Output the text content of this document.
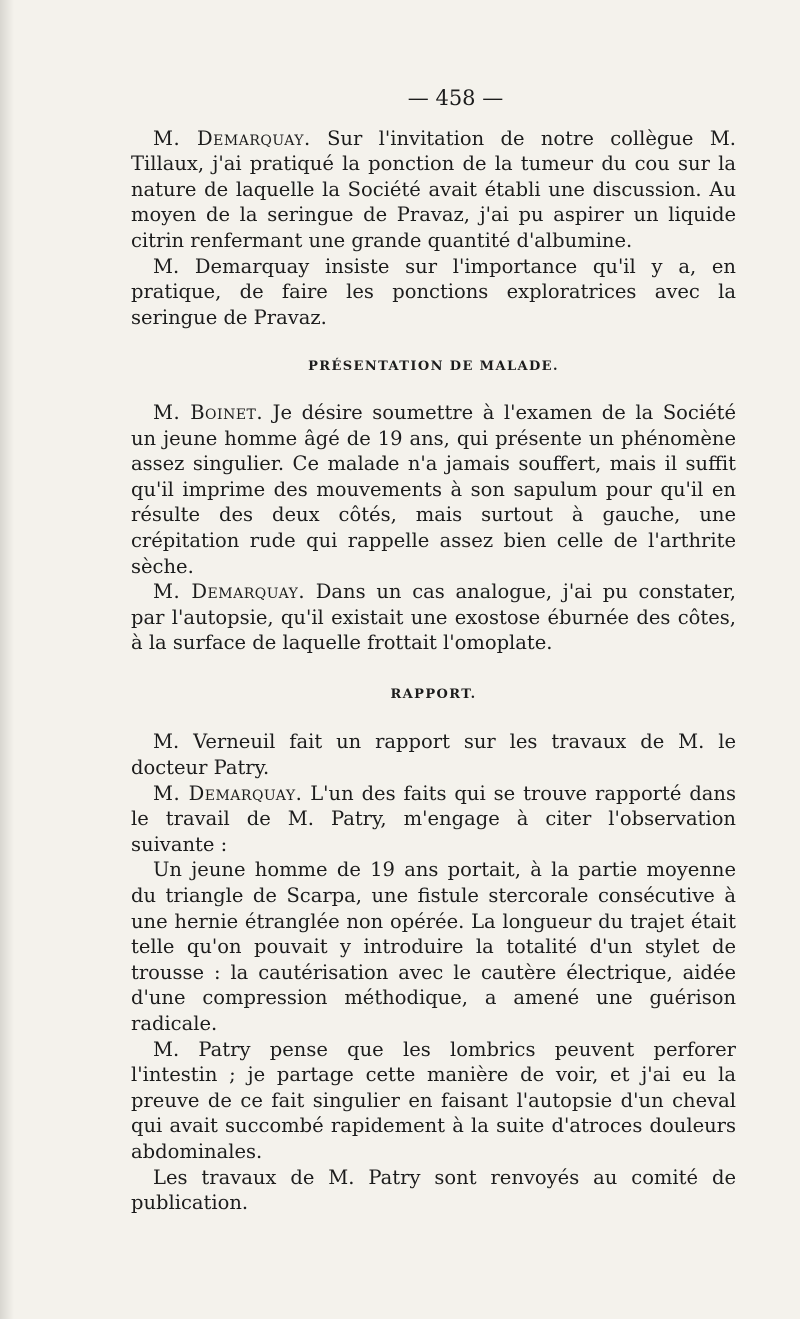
— 458 —

M. Demarquay. Sur l'invitation de notre collègue M. Tillaux, j'ai pratiqué la ponction de la tumeur du cou sur la nature de laquelle la Société avait établi une discussion. Au moyen de la seringue de Pravaz, j'ai pu aspirer un liquide citrin renfermant une grande quantité d'albumine.

M. Demarquay insiste sur l'importance qu'il y a, en pratique, de faire les ponctions exploratrices avec la seringue de Pravaz.

PRÉSENTATION DE MALADE.

M. Boinet. Je désire soumettre à l'examen de la Société un jeune homme âgé de 19 ans, qui présente un phénomène assez singulier. Ce malade n'a jamais souffert, mais il suffit qu'il imprime des mouvements à son sapulum pour qu'il en résulte des deux côtés, mais surtout à gauche, une crépitation rude qui rappelle assez bien celle de l'arthrite sèche.

M. Demarquay. Dans un cas analogue, j'ai pu constater, par l'autopsie, qu'il existait une exostose éburnée des côtes, à la surface de laquelle frottait l'omoplate.

RAPPORT.

M. Verneuil fait un rapport sur les travaux de M. le docteur Patry.

M. Demarquay. L'un des faits qui se trouve rapporté dans le travail de M. Patry, m'engage à citer l'observation suivante :

Un jeune homme de 19 ans portait, à la partie moyenne du triangle de Scarpa, une fistule stercorale consécutive à une hernie étranglée non opérée. La longueur du trajet était telle qu'on pouvait y introduire la totalité d'un stylet de trousse : la cautérisation avec le cautère électrique, aidée d'une compression méthodique, a amené une guérison radicale.

M. Patry pense que les lombrics peuvent perforer l'intestin ; je partage cette manière de voir, et j'ai eu la preuve de ce fait singulier en faisant l'autopsie d'un cheval qui avait succombé rapidement à la suite d'atroces douleurs abdominales.

Les travaux de M. Patry sont renvoyés au comité de publication.
